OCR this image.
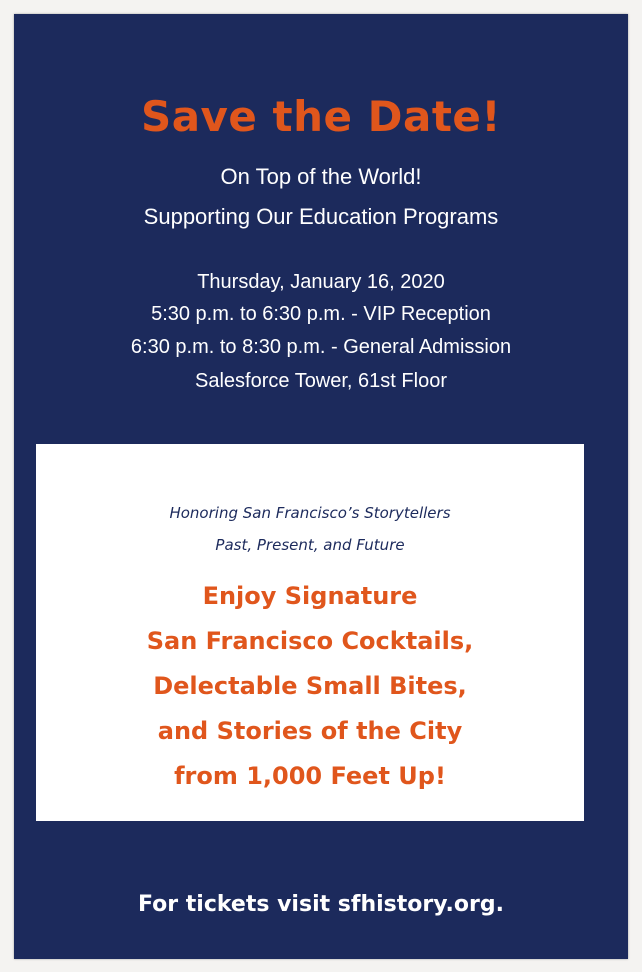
Save the Date!
On Top of the World!
Supporting Our Education Programs
Thursday, January 16, 2020
5:30 p.m. to 6:30 p.m. - VIP Reception
6:30 p.m. to 8:30 p.m. - General Admission
Salesforce Tower, 61st Floor
Honoring San Francisco’s Storytellers
Past, Present, and Future
Enjoy Signature
San Francisco Cocktails,
Delectable Small Bites,
and Stories of the City
from 1,000 Feet Up!
For tickets visit sfhistory.org.
